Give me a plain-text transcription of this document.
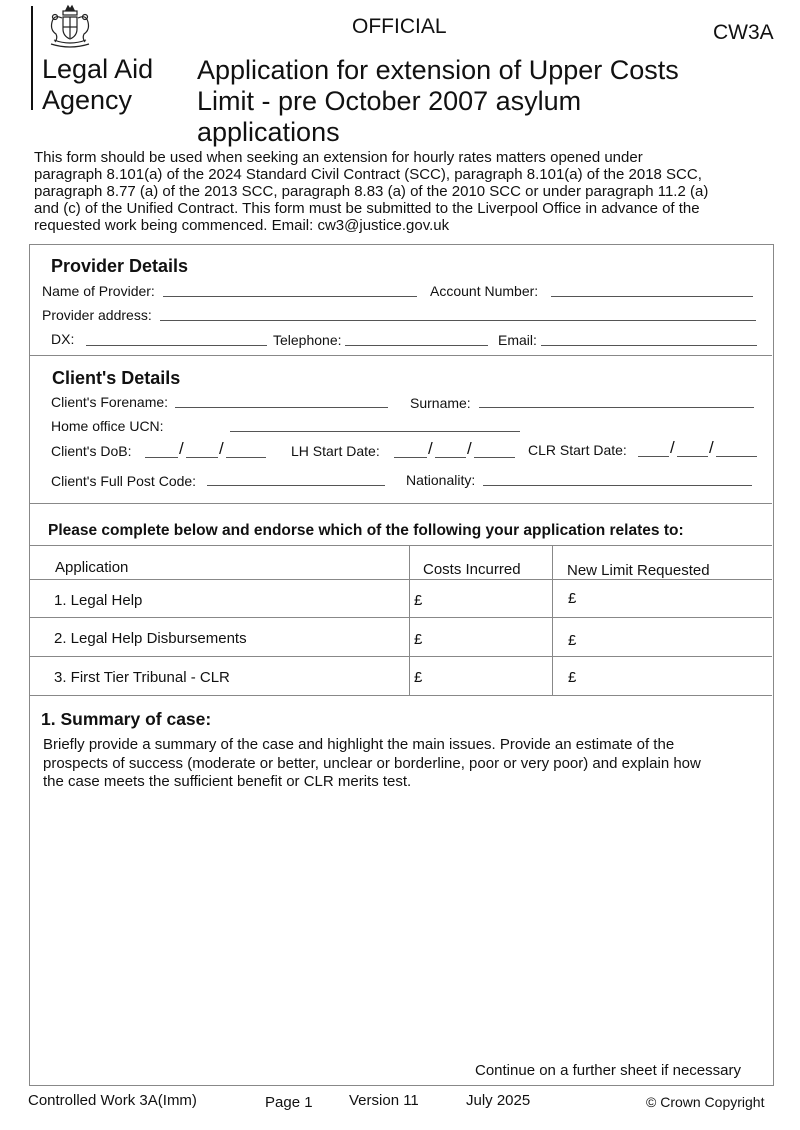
Legal Aid
Agency
OFFICIAL	CW3A
Application for extension of Upper Costs
Limit - pre October 2007 asylum
applications
This form should be used when seeking an extension for hourly rates matters opened under
paragraph 8.101(a) of the 2024 Standard Civil Contract (SCC), paragraph 8.101(a) of the 2018 SCC,
paragraph 8.77 (a) of the 2013 SCC, paragraph 8.83 (a) of the 2010 SCC or under paragraph 11.2 (a)
and (c) of the Unified Contract. This form must be submitted to the Liverpool Office in advance of the
requested work being commenced. Email: cw3@justice.gov.uk
Provider Details
Name of Provider:	Account Number:
Provider address:
DX:	Telephone:	Email:
Client's Details
Client's Forename:	Surname:
Home office UCN:
Client's DoB:	/ /	LH Start Date:	/ /	CLR Start Date:	/ /
Client's Full Post Code:	Nationality:
Please complete below and endorse which of the following your application relates to:
Application	Costs Incurred	New Limit Requested
1. Legal Help	£	£
2. Legal Help Disbursements	£	£
3. First Tier Tribunal - CLR	£	£
1. Summary of case:
Briefly provide a summary of the case and highlight the main issues. Provide an estimate of the
prospects of success (moderate or better, unclear or borderline, poor or very poor) and explain how
the case meets the sufficient benefit or CLR merits test.
Continue on a further sheet if necessary
Controlled Work 3A(Imm)	Page 1 Version 11	July 2025	© Crown Copyright
